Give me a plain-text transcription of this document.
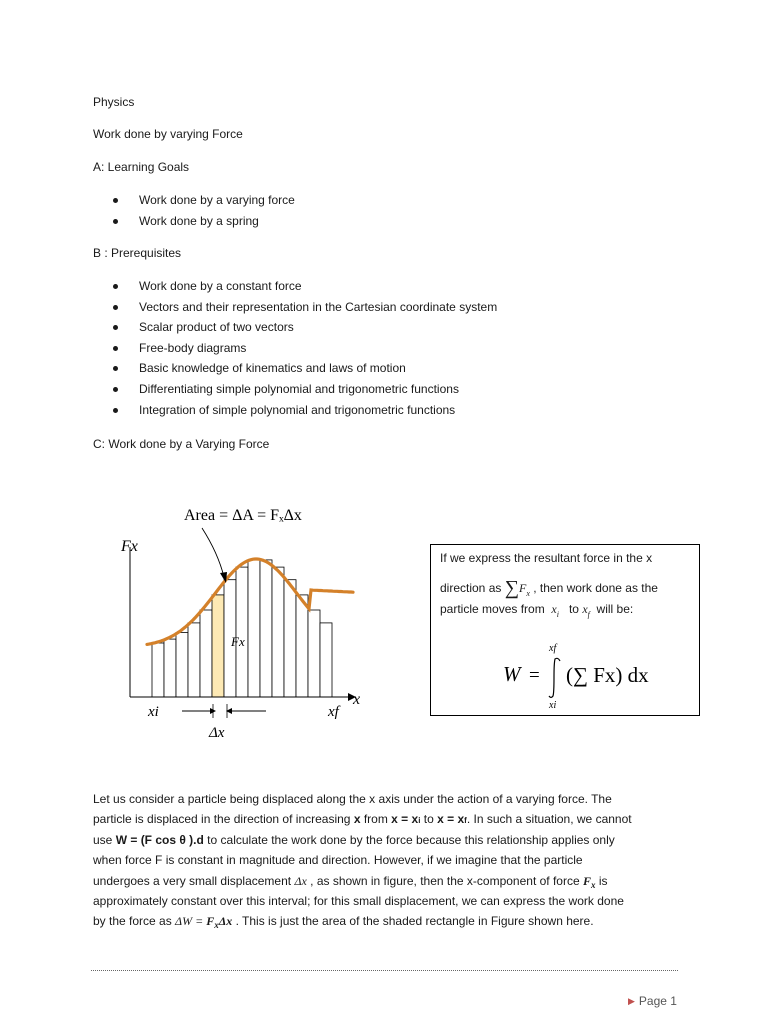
Physics
Work done by varying Force
A: Learning Goals
Work done by a varying force
Work done by a spring
B : Prerequisites
Work done by a constant force
Vectors and their representation in the Cartesian coordinate system
Scalar product of two vectors
Free-body diagrams
Basic knowledge of kinematics and laws of motion
Differentiating simple polynomial and trigonometric functions
Integration of simple polynomial and trigonometric functions
C: Work done by a Varying Force
Area = ΔA = FₓΔx
Fx
x
Fx
xi	xf
Δx
If we express the resultant force in the x
direction as $\sum F_x$ , then work done as the
particle moves from $x_i$ to $x_f$ will be:
W =
xf
xi
(∑ Fx) dx
Let us consider a particle being displaced along the x axis under the action of a varying force. The
particle is displaced in the direction of increasing x from x = xi to x = xf. In such a situation, we cannot
use W = (F cos θ ).d to calculate the work done by the force because this relationship applies only
when force F is constant in magnitude and direction. However, if we imagine that the particle
undergoes a very small displacement Δx , as shown in figure, then the x-component of force $F_x$ is
approximately constant over this interval; for this small displacement, we can express the work done
by the force as $\Delta W = F_x\Delta x$ . This is just the area of the shaded rectangle in Figure shown here.
▶ Page 1
